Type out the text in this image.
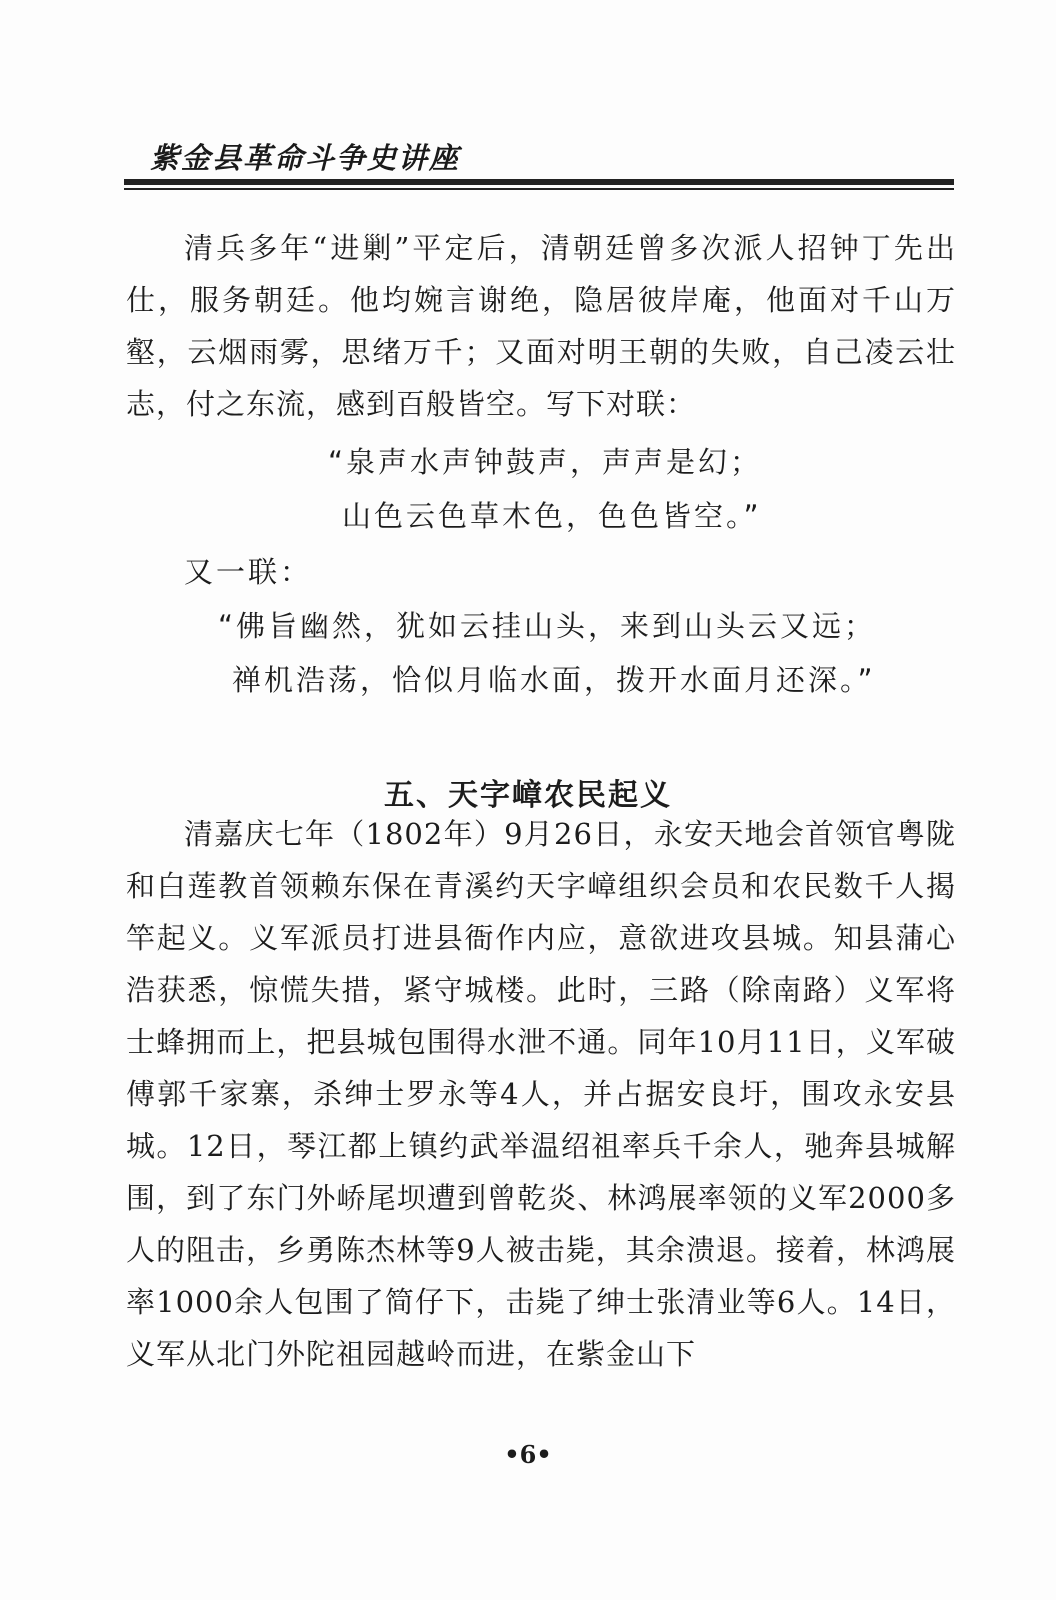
紫金县革命斗争史讲座

清兵多年“进剿”平定后，清朝廷曾多次派人招钟丁先出仕，服务朝廷。他均婉言谢绝，隐居彼岸庵，他面对千山万壑，云烟雨雾，思绪万千；又面对明王朝的失败，自己凌云壮志，付之东流，感到百般皆空。写下对联：

“泉声水声钟鼓声，声声是幻；
山色云色草木色，色色皆空。”
又一联：
“佛旨幽然，犹如云挂山头，来到山头云又远；
禅机浩荡，恰似月临水面，拨开水面月还深。”
五、天字嶂农民起义

清嘉庆七年（1802年）9月26日，永安天地会首领官粤陇和白莲教首领赖东保在青溪约天字嶂组织会员和农民数千人揭竿起义。义军派员打进县衙作内应，意欲进攻县城。知县蒲心浩获悉，惊慌失措，紧守城楼。此时，三路（除南路）义军将士蜂拥而上，把县城包围得水泄不通。同年10月11日，义军破傅郭千家寨，杀绅士罗永等4人，并占据安良圩，围攻永安县城。12日，琴江都上镇约武举温绍祖率兵千余人，驰奔县城解围，到了东门外峤尾坝遭到曾乾炎、林鸿展率领的义军2000多人的阻击，乡勇陈杰林等9人被击毙，其余溃退。接着，林鸿展率1000余人包围了简仔下，击毙了绅士张清业等6人。14日，义军从北门外陀祖园越岭而进，在紫金山下

•6•
